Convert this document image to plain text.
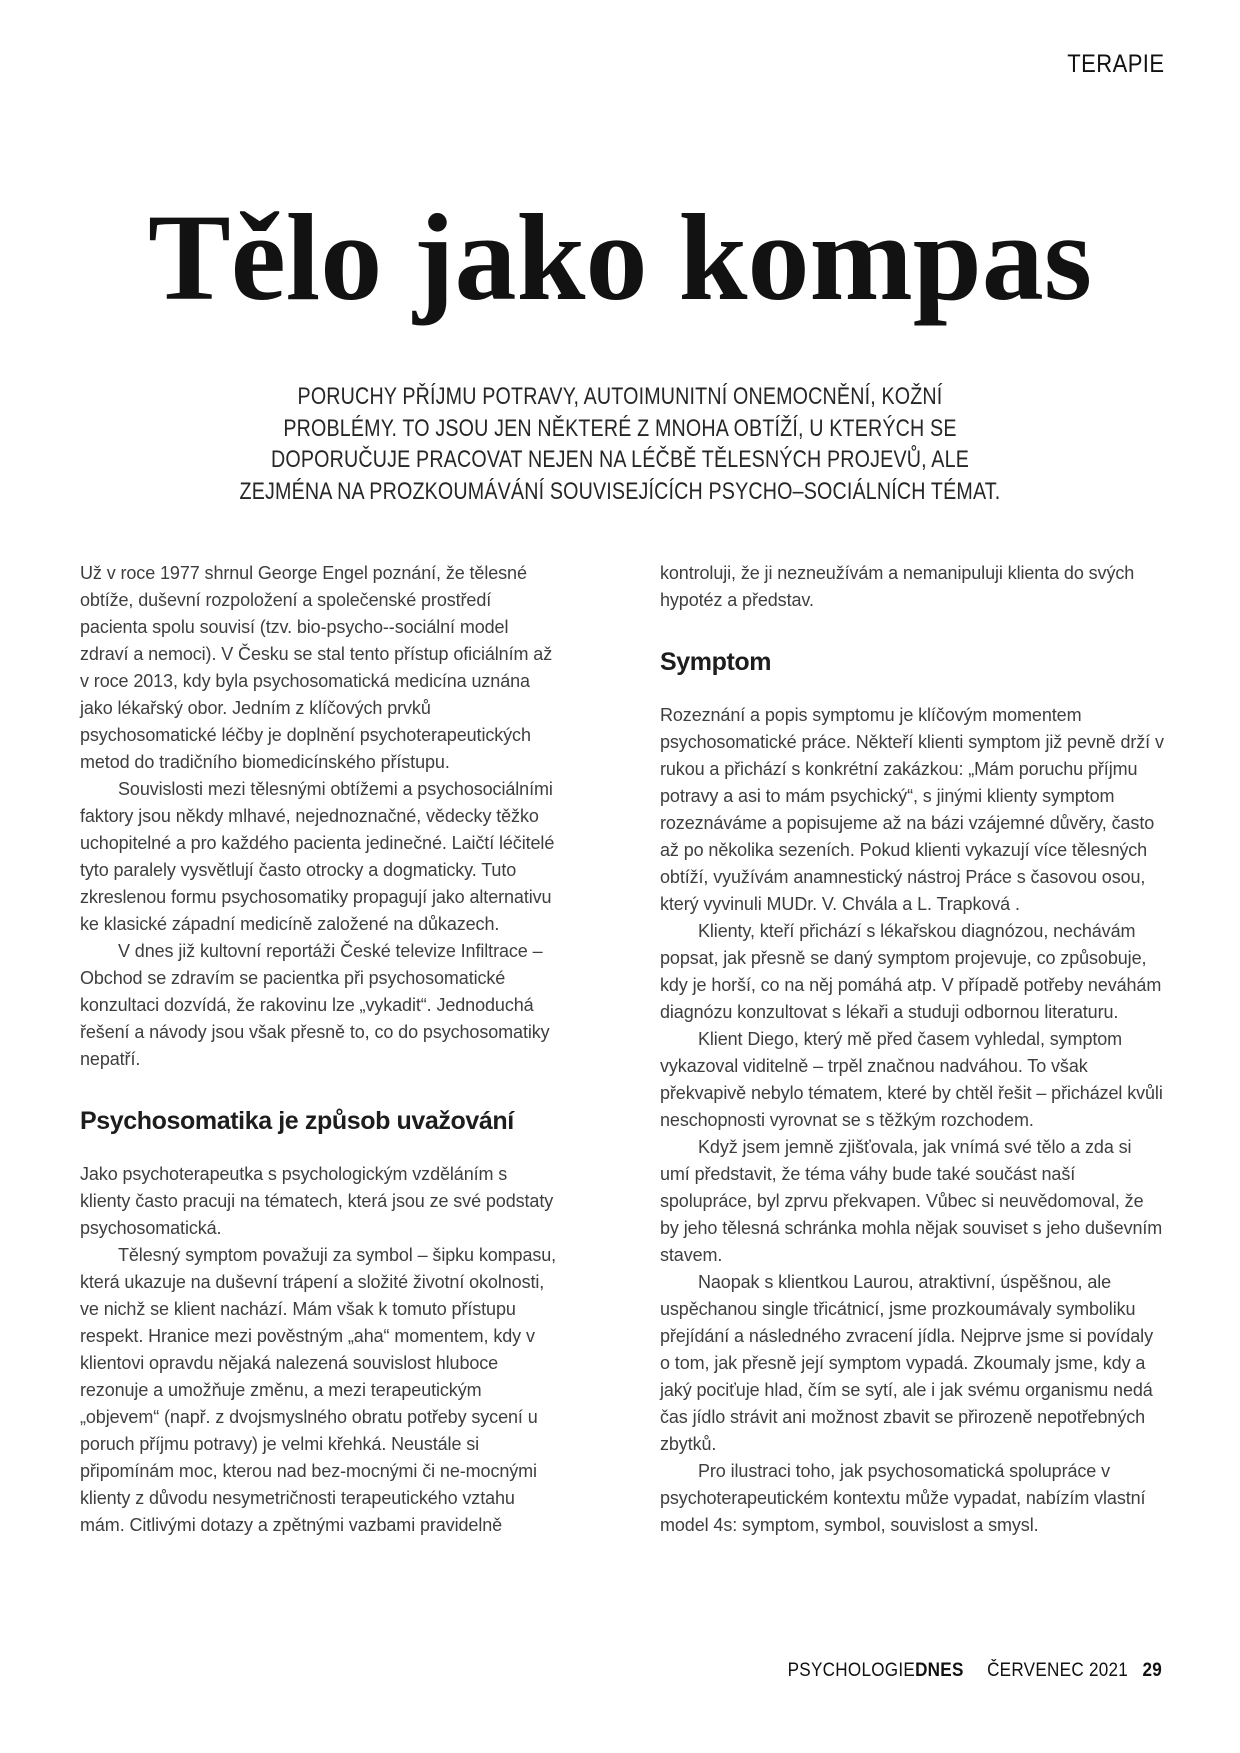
TERAPIE
Tělo jako kompas
PORUCHY PŘÍJMU POTRAVY, AUTOIMUNITNÍ ONEMOCNĚNÍ, KOŽNÍ
PROBLÉMY. TO JSOU JEN NĚKTERÉ Z MNOHA OBTÍŽÍ, U KTERÝCH SE
DOPORUČUJE PRACOVAT NEJEN NA LÉČBĚ TĚLESNÝCH PROJEVŮ, ALE
ZEJMÉNA NA PROZKOUMÁVÁNÍ SOUVISEJÍCÍCH PSYCHO–SOCIÁLNÍCH TÉMAT.
Už v roce 1977 shrnul George Engel poznání, že tělesné obtíže, duševní rozpoložení a společenské prostředí pacienta spolu souvisí (tzv. bio-psycho--sociální model zdraví a nemoci). V Česku se stal tento přístup oficiálním až v roce 2013, kdy byla psychosomatická medicína uznána jako lékařský obor. Jedním z klíčových prvků psychosomatické léčby je doplnění psychoterapeutických metod do tradičního biomedicínského přístupu.
Souvislosti mezi tělesnými obtížemi a psychosociálními faktory jsou někdy mlhavé, nejednoznačné, vědecky těžko uchopitelné a pro každého pacienta jedinečné. Laičtí léčitelé tyto paralely vysvětlují často otrocky a dogmaticky. Tuto zkreslenou formu psychosomatiky propagují jako alternativu ke klasické západní medicíně založené na důkazech.
V dnes již kultovní reportáži České televize Infiltrace – Obchod se zdravím se pacientka při psychosomatické konzultaci dozvídá, že rakovinu lze „vykadit“. Jednoduchá řešení a návody jsou však přesně to, co do psychosomatiky nepatří.
Psychosomatika je způsob uvažování
Jako psychoterapeutka s psychologickým vzděláním s klienty často pracuji na tématech, která jsou ze své podstaty psychosomatická.
Tělesný symptom považuji za symbol – šipku kompasu, která ukazuje na duševní trápení a složité životní okolnosti, ve nichž se klient nachází. Mám však k tomuto přístupu respekt. Hranice mezi pověstným „aha“ momentem, kdy v klientovi opravdu nějaká nalezená souvislost hluboce rezonuje a umožňuje změnu, a mezi terapeutickým „objevem“ (např. z dvojsmyslného obratu potřeby sycení u poruch příjmu potravy) je velmi křehká. Neustále si připomínám moc, kterou nad bez-mocnými či ne-mocnými klienty z důvodu nesymetričnosti terapeutického vztahu mám. Citlivými dotazy a zpětnými vazbami pravidelně
kontroluji, že ji nezneužívám a nemanipuluji klienta do svých hypotéz a představ.
Symptom
Rozeznání a popis symptomu je klíčovým momentem psychosomatické práce. Někteří klienti symptom již pevně drží v rukou a přichází s konkrétní zakázkou: „Mám poruchu příjmu potravy a asi to mám psychický“, s jinými klienty symptom rozeznáváme a popisujeme až na bázi vzájemné důvěry, často až po několika sezeních. Pokud klienti vykazují více tělesných obtíží, využívám anamnestický nástroj Práce s časovou osou, který vyvinuli MUDr. V. Chvála a L. Trapková .
Klienty, kteří přichází s lékařskou diagnózou, nechávám popsat, jak přesně se daný symptom projevuje, co způsobuje, kdy je horší, co na něj pomáhá atp. V případě potřeby neváhám diagnózu konzultovat s lékaři a studuji odbornou literaturu.
Klient Diego, který mě před časem vyhledal, symptom vykazoval viditelně – trpěl značnou nadváhou. To však překvapivě nebylo tématem, které by chtěl řešit – přicházel kvůli neschopnosti vyrovnat se s těžkým rozchodem.
Když jsem jemně zjišťovala, jak vnímá své tělo a zda si umí představit, že téma váhy bude také součást naší spolupráce, byl zprvu překvapen. Vůbec si neuvědomoval, že by jeho tělesná schránka mohla nějak souviset s jeho duševním stavem.
Naopak s klientkou Laurou, atraktivní, úspěšnou, ale uspěchanou single třicátnicí, jsme prozkoumávaly symboliku přejídání a následného zvracení jídla. Nejprve jsme si povídaly o tom, jak přesně její symptom vypadá. Zkoumaly jsme, kdy a jaký pociťuje hlad, čím se sytí, ale i jak svému organismu nedá čas jídlo strávit ani možnost zbavit se přirozeně nepotřebných zbytků.
Pro ilustraci toho, jak psychosomatická spolupráce v psychoterapeutickém kontextu může vypadat, nabízím vlastní model 4s: symptom, symbol, souvislost a smysl.
PSYCHOLOGIEDNES ČERVENEC 2021 29
